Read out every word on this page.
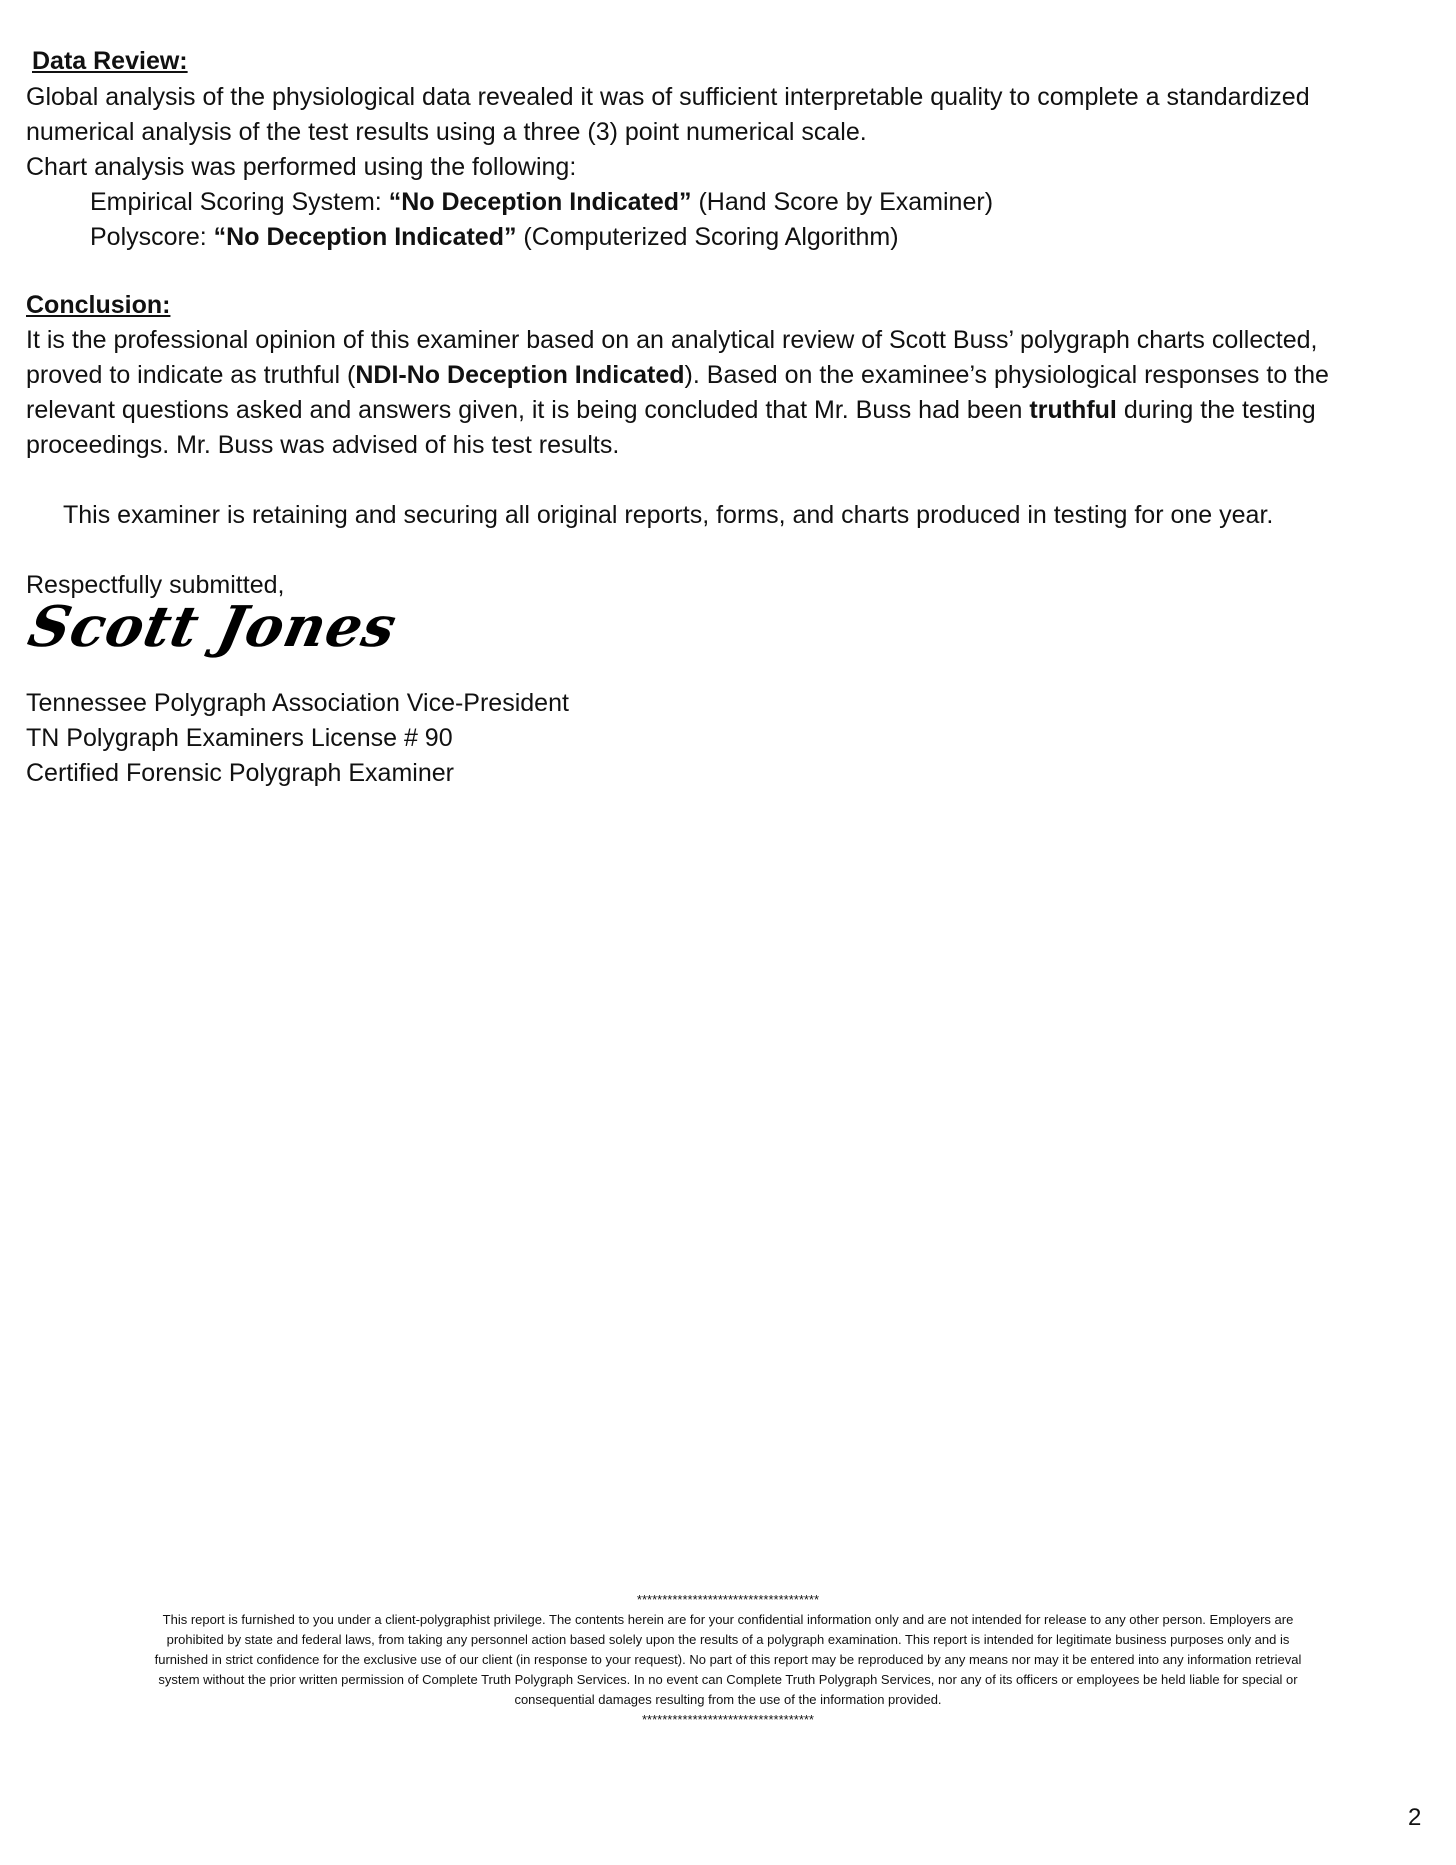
Data Review:
Global analysis of the physiological data revealed it was of sufficient interpretable quality to complete a standardized
numerical analysis of the test results using a three (3) point numerical scale.
Chart analysis was performed using the following:
Empirical Scoring System: “No Deception Indicated” (Hand Score by Examiner)
Polyscore: “No Deception Indicated” (Computerized Scoring Algorithm)
Conclusion:
It is the professional opinion of this examiner based on an analytical review of Scott Buss’ polygraph charts collected,
proved to indicate as truthful (NDI-No Deception Indicated). Based on the examinee’s physiological responses to the
relevant questions asked and answers given, it is being concluded that Mr. Buss had been truthful during the testing
proceedings. Mr. Buss was advised of his test results.
This examiner is retaining and securing all original reports, forms, and charts produced in testing for one year.
Respectfully submitted,
Scott Jones
Tennessee Polygraph Association Vice-President
TN Polygraph Examiners License # 90
Certified Forensic Polygraph Examiner
************************************
This report is furnished to you under a client-polygraphist privilege. The contents herein are for your confidential information only and are not intended for release to any other person. Employers are
prohibited by state and federal laws, from taking any personnel action based solely upon the results of a polygraph examination. This report is intended for legitimate business purposes only and is
furnished in strict confidence for the exclusive use of our client (in response to your request). No part of this report may be reproduced by any means nor may it be entered into any information retrieval
system without the prior written permission of Complete Truth Polygraph Services. In no event can Complete Truth Polygraph Services, nor any of its officers or employees be held liable for special or
consequential damages resulting from the use of the information provided.
**********************************
2
